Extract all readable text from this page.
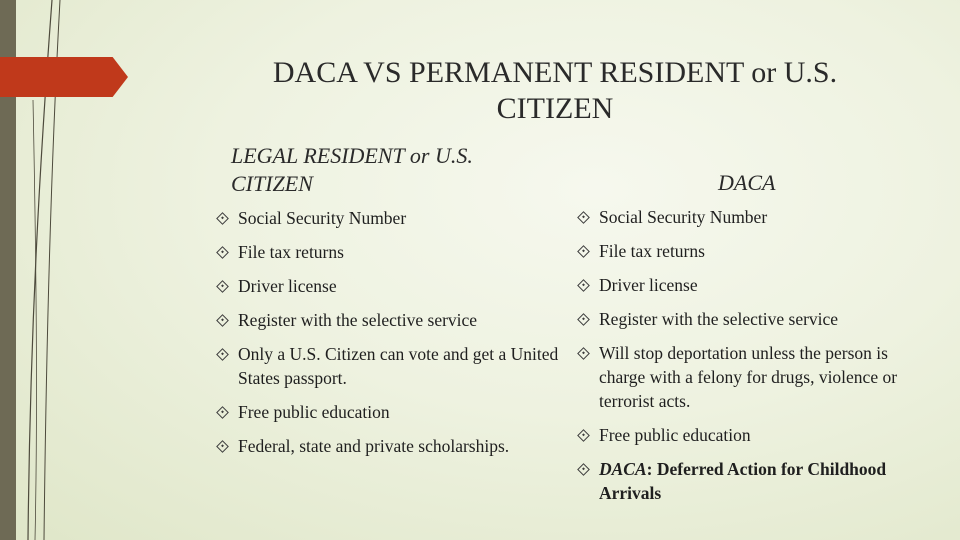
DACA VS PERMANENT RESIDENT or U.S. CITIZEN
LEGAL RESIDENT or U.S. CITIZEN	DACA
Social Security Number
File tax returns
Driver license
Register with the selective service
Only a U.S. Citizen can vote and get a United States passport.
Free public education
Federal, state and private scholarships.
Social Security Number
File tax returns
Driver license
Register with the selective service
Will stop deportation unless the person is charge with a felony for drugs, violence or terrorist acts.
Free public education
DACA: Deferred Action for Childhood Arrivals
